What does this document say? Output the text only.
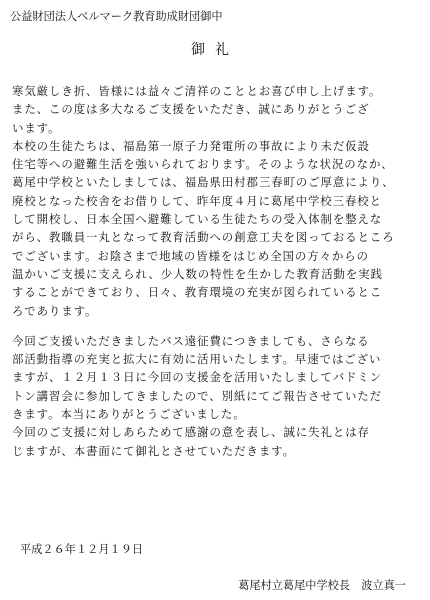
公益財団法人ベルマーク教育助成財団御中
御礼
寒気厳しき折、皆様には益々ご清祥のこととお喜び申し上げます。
また、この度は多大なるご支援をいただき、誠にありがとうござ
います。
本校の生徒たちは、福島第一原子力発電所の事故により未だ仮設
住宅等への避難生活を強いられております。そのような状況のなか、
葛尾中学校といたしましては、福島県田村郡三春町のご厚意により、
廃校となった校舎をお借りして、昨年度４月に葛尾中学校三春校と
して開校し、日本全国へ避難している生徒たちの受入体制を整えな
がら、教職員一丸となって教育活動への創意工夫を図っておるところ
でございます。お陰さまで地域の皆様をはじめ全国の方々からの
温かいご支援に支えられ、少人数の特性を生かした教育活動を実践
することができており、日々、教育環境の充実が図られているとこ
ろであります。
今回ご支援いただきましたバス遠征費につきましても、さらなる
部活動指導の充実と拡大に有効に活用いたします。早速ではござい
ますが、１２月１３日に今回の支援金を活用いたしましてバドミン
トン講習会に参加してきましたので、別紙にてご報告させていただ
きます。本当にありがとうございました。
今回のご支援に対しあらためて感謝の意を表し、誠に失礼とは存
じますが、本書面にて御礼とさせていただきます。
平成２６年１２月１９日
葛尾村立葛尾中学校長　波立真一
